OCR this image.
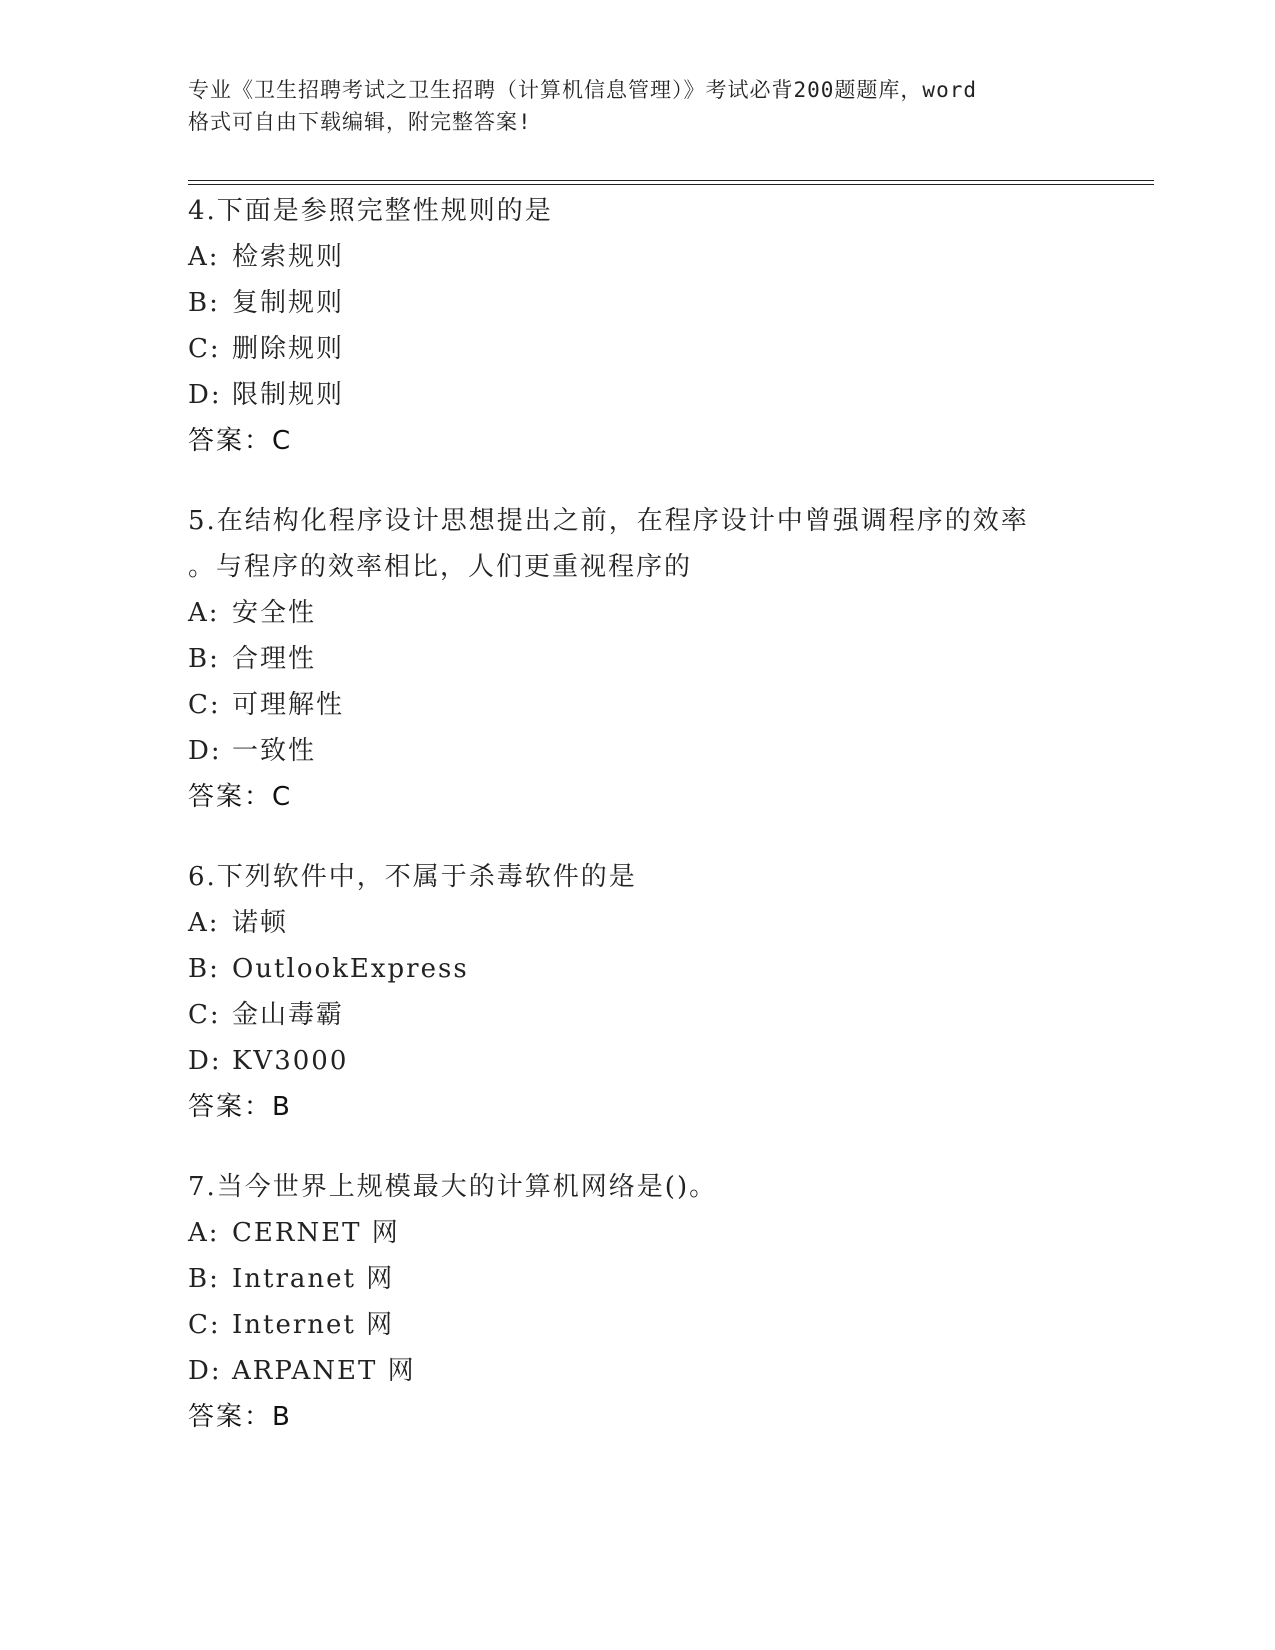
专业《卫生招聘考试之卫生招聘（计算机信息管理）》考试必背200题题库，word
格式可自由下载编辑，附完整答案!
4.下面是参照完整性规则的是
A: 检索规则
B: 复制规则
C: 删除规则
D: 限制规则
答案：C
5.在结构化程序设计思想提出之前，在程序设计中曾强调程序的效率
。与程序的效率相比，人们更重视程序的
A: 安全性
B: 合理性
C: 可理解性
D: 一致性
答案：C
6.下列软件中，不属于杀毒软件的是
A: 诺顿
B: OutlookExpress
C: 金山毒霸
D: KV3000
答案：B
7.当今世界上规模最大的计算机网络是()。
A: CERNET 网
B: Intranet 网
C: Internet 网
D: ARPANET 网
答案：B
